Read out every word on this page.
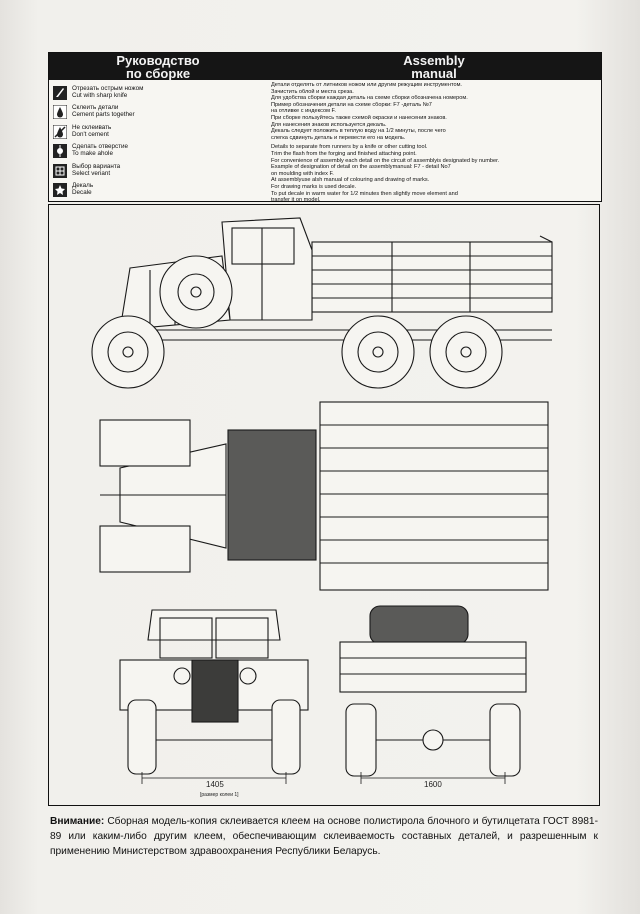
Руководство
по сборке
Assembly
manual
Отрезать острым ножом
Cut with sharp knife
Склеить детали
Cement parts together
Не склеивать
Don't cement
Сделать отверстие
To make ahole
Выбор варианта
Select veriant
Декаль
Decale
Детали отделять от литников ножом или другим режущим инструментом.
Зачистить облой и места среза.
Для удобства сборки каждая деталь на схеме сборки обозначена номером.
Пример обозначения детали на схеме сборки: F7 -деталь №7
на отливке с индексом F.
При сборке пользуйтесь также схемой окраски и нанесения знаков.
Для нанесения знаков используется декаль.
Декаль следует положить в теплую воду на 1/2 минуты, после чего
слегка сдвинуть деталь и перевести его на модель.
Details to separate from runners by a knife or other cutting tool.
Trim the flash from the forging and finished attaching point.
For convenience of assembly each detail on the circuit of assemblyis designated by number.
Example of designation of detail on the assemblymanual: F7 - detail No7
on moulding with index F.
At assemblyuse alsh manual of colouring and drawing of marks.
For drawing marks is used decale.
To put decale in warm water for 1/2 minutes then slightly move element and
transfer it on model.
1405
[размер колеи 1]
1600
Внимание: Сборная модель-копия склеивается клеем на основе полистирола блочного и бутилцетата ГОСТ 8981-89 или каким-либо другим клеем, обеспечивающим склеиваемость составных деталей, и разрешенным к применению Министерством здравоохранения Республики Беларусь.
